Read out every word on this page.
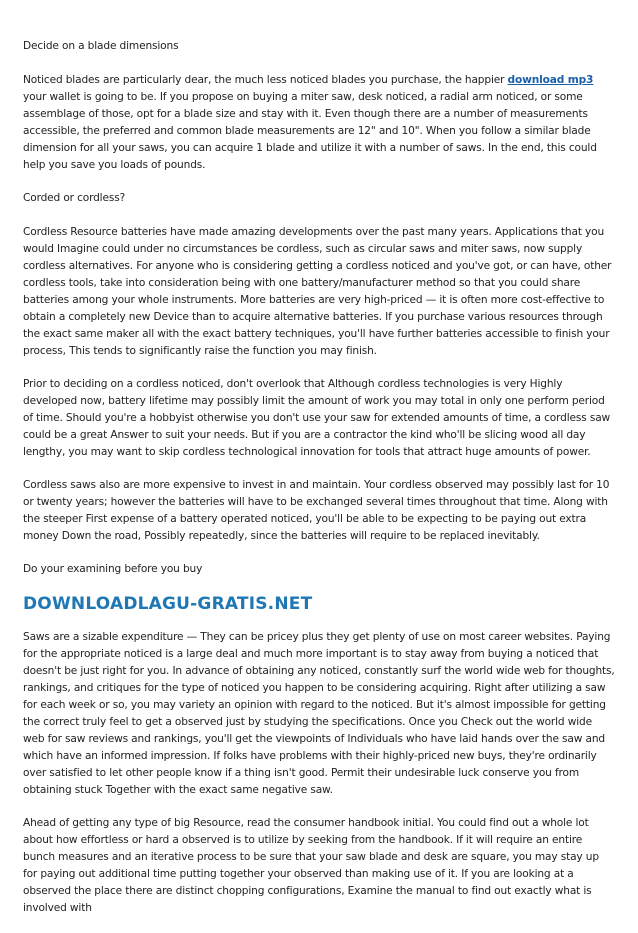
Decide on a blade dimensions

Noticed blades are particularly dear, the much less noticed blades you purchase, the happier download mp3 your wallet is going to be. If you propose on buying a miter saw, desk noticed, a radial arm noticed, or some assemblage of those, opt for a blade size and stay with it. Even though there are a number of measurements accessible, the preferred and common blade measurements are 12" and 10". When you follow a similar blade dimension for all your saws, you can acquire 1 blade and utilize it with a number of saws. In the end, this could help you save you loads of pounds.

Corded or cordless?

Cordless Resource batteries have made amazing developments over the past many years. Applications that you would Imagine could under no circumstances be cordless, such as circular saws and miter saws, now supply cordless alternatives. For anyone who is considering getting a cordless noticed and you've got, or can have, other cordless tools, take into consideration being with one battery/manufacturer method so that you could share batteries among your whole instruments. More batteries are very high-priced — it is often more cost-effective to obtain a completely new Device than to acquire alternative batteries. If you purchase various resources through the exact same maker all with the exact battery techniques, you'll have further batteries accessible to finish your process, This tends to significantly raise the function you may finish.

Prior to deciding on a cordless noticed, don't overlook that Although cordless technologies is very Highly developed now, battery lifetime may possibly limit the amount of work you may total in only one perform period of time. Should you're a hobbyist otherwise you don't use your saw for extended amounts of time, a cordless saw could be a great Answer to suit your needs. But if you are a contractor the kind who'll be slicing wood all day lengthy, you may want to skip cordless technological innovation for tools that attract huge amounts of power.

Cordless saws also are more expensive to invest in and maintain. Your cordless observed may possibly last for 10 or twenty years; however the batteries will have to be exchanged several times throughout that time. Along with the steeper First expense of a battery operated noticed, you'll be able to be expecting to be paying out extra money Down the road, Possibly repeatedly, since the batteries will require to be replaced inevitably.

Do your examining before you buy

DOWNLOADLAGU-GRATIS.NET

Saws are a sizable expenditure — They can be pricey plus they get plenty of use on most career websites. Paying for the appropriate noticed is a large deal and much more important is to stay away from buying a noticed that doesn't be just right for you. In advance of obtaining any noticed, constantly surf the world wide web for thoughts, rankings, and critiques for the type of noticed you happen to be considering acquiring. Right after utilizing a saw for each week or so, you may variety an opinion with regard to the noticed. But it's almost impossible for getting the correct truly feel to get a observed just by studying the specifications. Once you Check out the world wide web for saw reviews and rankings, you'll get the viewpoints of Individuals who have laid hands over the saw and which have an informed impression. If folks have problems with their highly-priced new buys, they're ordinarily over satisfied to let other people know if a thing isn't good. Permit their undesirable luck conserve you from obtaining stuck Together with the exact same negative saw.

Ahead of getting any type of big Resource, read the consumer handbook initial. You could find out a whole lot about how effortless or hard a observed is to utilize by seeking from the handbook. If it will require an entire bunch measures and an iterative process to be sure that your saw blade and desk are square, you may stay up for paying out additional time putting together your observed than making use of it. If you are looking at a observed the place there are distinct chopping configurations, Examine the manual to find out exactly what is involved with
